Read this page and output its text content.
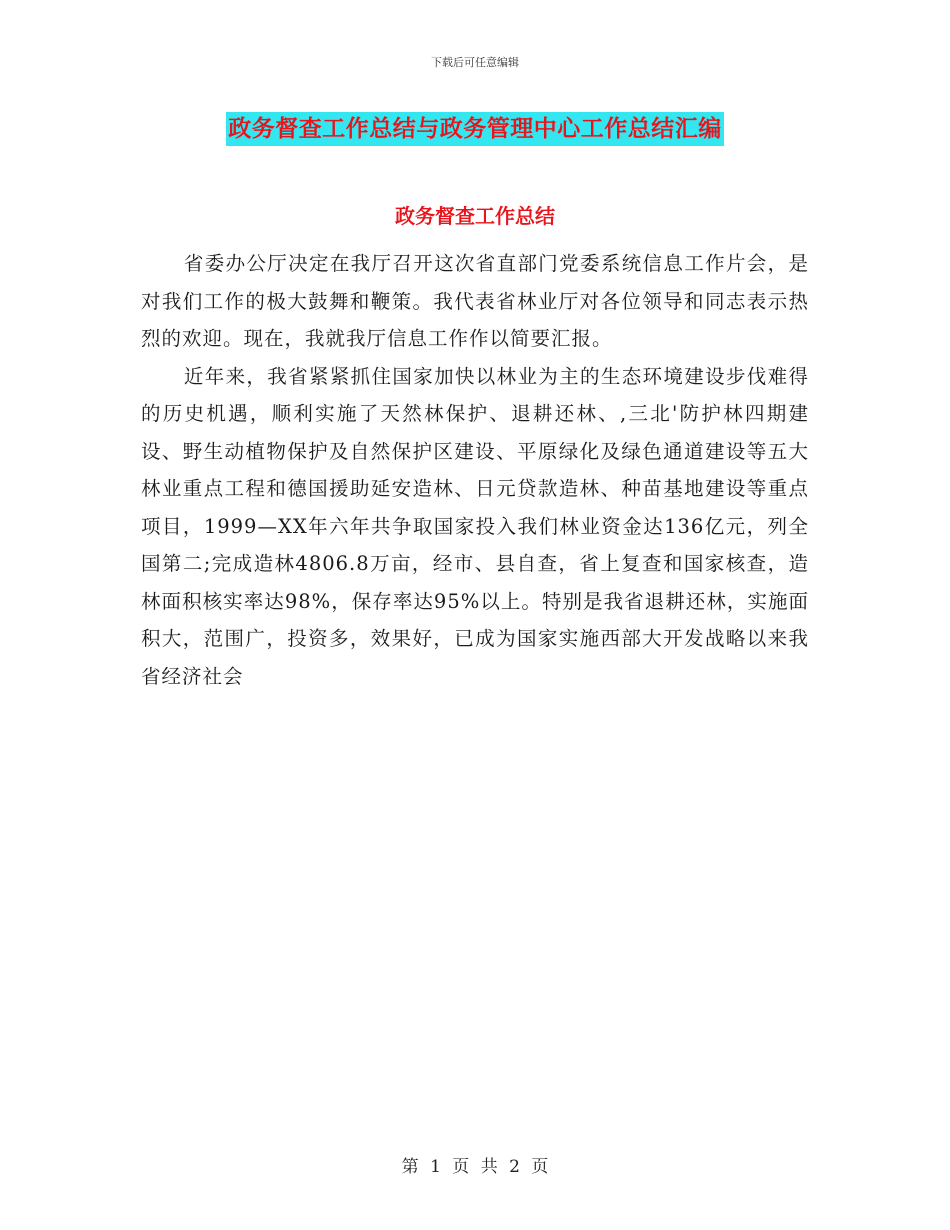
下载后可任意编辑
政务督查工作总结与政务管理中心工作总结汇编
政务督查工作总结

省委办公厅决定在我厅召开这次省直部门党委系统信息工作片会，是对我们工作的极大鼓舞和鞭策。我代表省林业厅对各位领导和同志表示热烈的欢迎。现在，我就我厅信息工作作以简要汇报。

近年来，我省紧紧抓住国家加快以林业为主的生态环境建设步伐难得的历史机遇，顺利实施了天然林保护、退耕还林、,三北'防护林四期建设、野生动植物保护及自然保护区建设、平原绿化及绿色通道建设等五大林业重点工程和德国援助延安造林、日元贷款造林、种苗基地建设等重点项目，1999—XX年六年共争取国家投入我们林业资金达136亿元，列全国第二;完成造林4806.8万亩，经市、县自查，省上复查和国家核查，造林面积核实率达98%，保存率达95%以上。特别是我省退耕还林，实施面积大，范围广，投资多，效果好，已成为国家实施西部大开发战略以来我省经济社会

第 1 页 共 2 页
